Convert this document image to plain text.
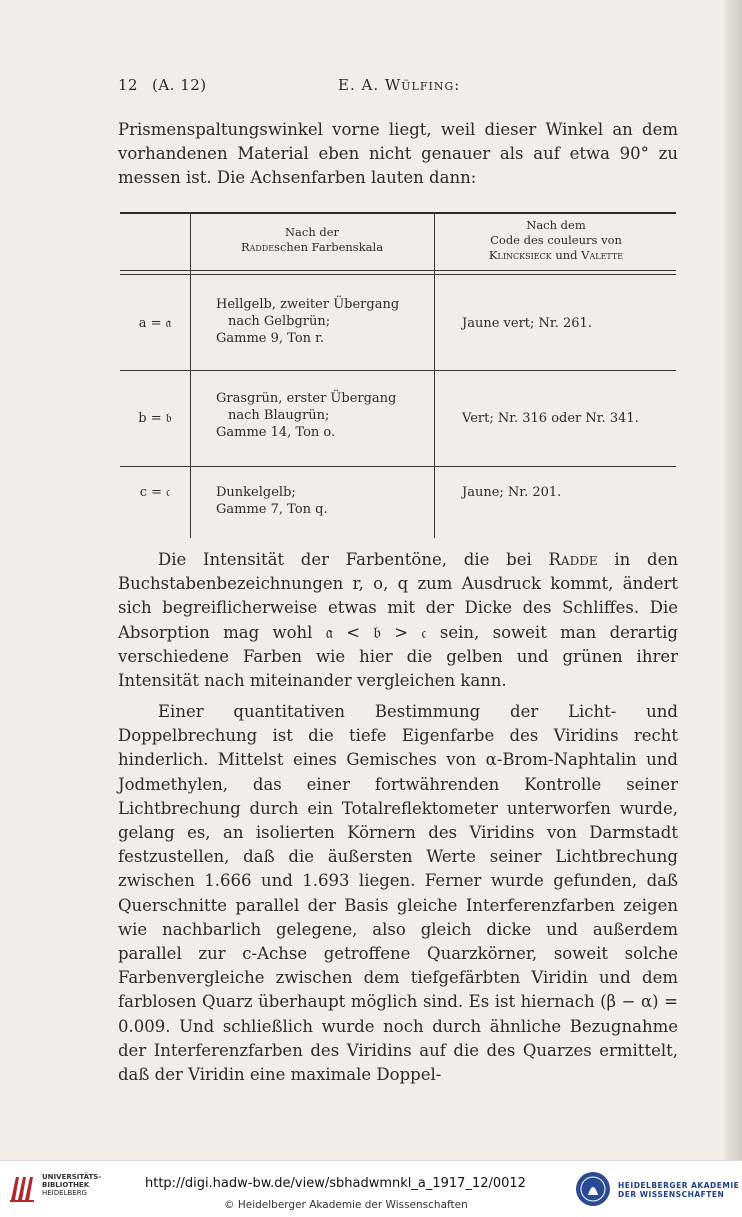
12 (A. 12)	E. A. Wülfing:
Prismenspaltungswinkel vorne liegt, weil dieser Winkel an dem vorhandenen Material eben nicht genauer als auf etwa 90° zu messen ist. Die Achsenfarben lauten dann:
Nach der
Raddeschen Farbenskala
Nach dem
Code des couleurs von
Klincksieck und Valette
a = 𝔞
Hellgelb, zweiter Übergang
nach Gelbgrün;
Gamme 9, Ton r.
Jaune vert; Nr. 261.
b = 𝔟
Grasgrün, erster Übergang
nach Blaugrün;
Gamme 14, Ton o.
Vert; Nr. 316 oder Nr. 341.
c = 𝔠	Dunkelgelb;
Gamme 7, Ton q.
Jaune; Nr. 201.
Die Intensität der Farbentöne, die bei Radde in den Buchstabenbezeichnungen r, o, q zum Ausdruck kommt, ändert sich begreiflicherweise etwas mit der Dicke des Schliffes. Die Absorption mag wohl 𝔞 < 𝔟 > 𝔠 sein, soweit man derartig verschiedene Farben wie hier die gelben und grünen ihrer Intensität nach miteinander vergleichen kann.
Einer quantitativen Bestimmung der Licht- und Doppelbrechung ist die tiefe Eigenfarbe des Viridins recht hinderlich. Mittelst eines Gemisches von α-Brom-Naphtalin und Jodmethylen, das einer fortwährenden Kontrolle seiner Lichtbrechung durch ein Totalreflektometer unterworfen wurde, gelang es, an isolierten Körnern des Viridins von Darmstadt festzustellen, daß die äußersten Werte seiner Lichtbrechung zwischen 1.666 und 1.693 liegen. Ferner wurde gefunden, daß Querschnitte parallel der Basis gleiche Interferenzfarben zeigen wie nachbarlich gelegene, also gleich dicke und außerdem parallel zur c-Achse getroffene Quarzkörner, soweit solche Farbenvergleiche zwischen dem tiefgefärbten Viridin und dem farblosen Quarz überhaupt möglich sind. Es ist hiernach (β − α) = 0.009. Und schließlich wurde noch durch ähnliche Bezugnahme der Interferenzfarben des Viridins auf die des Quarzes ermittelt, daß der Viridin eine maximale Doppel-
UNIVERSITÄTS-
BIBLIOTHEK
HEIDELBERG
http://digi.hadw-bw.de/view/sbhadwmnkl_a_1917_12/0012
© Heidelberger Akademie der Wissenschaften
HEIDELBERGER AKADEMIE
DER WISSENSCHAFTEN
